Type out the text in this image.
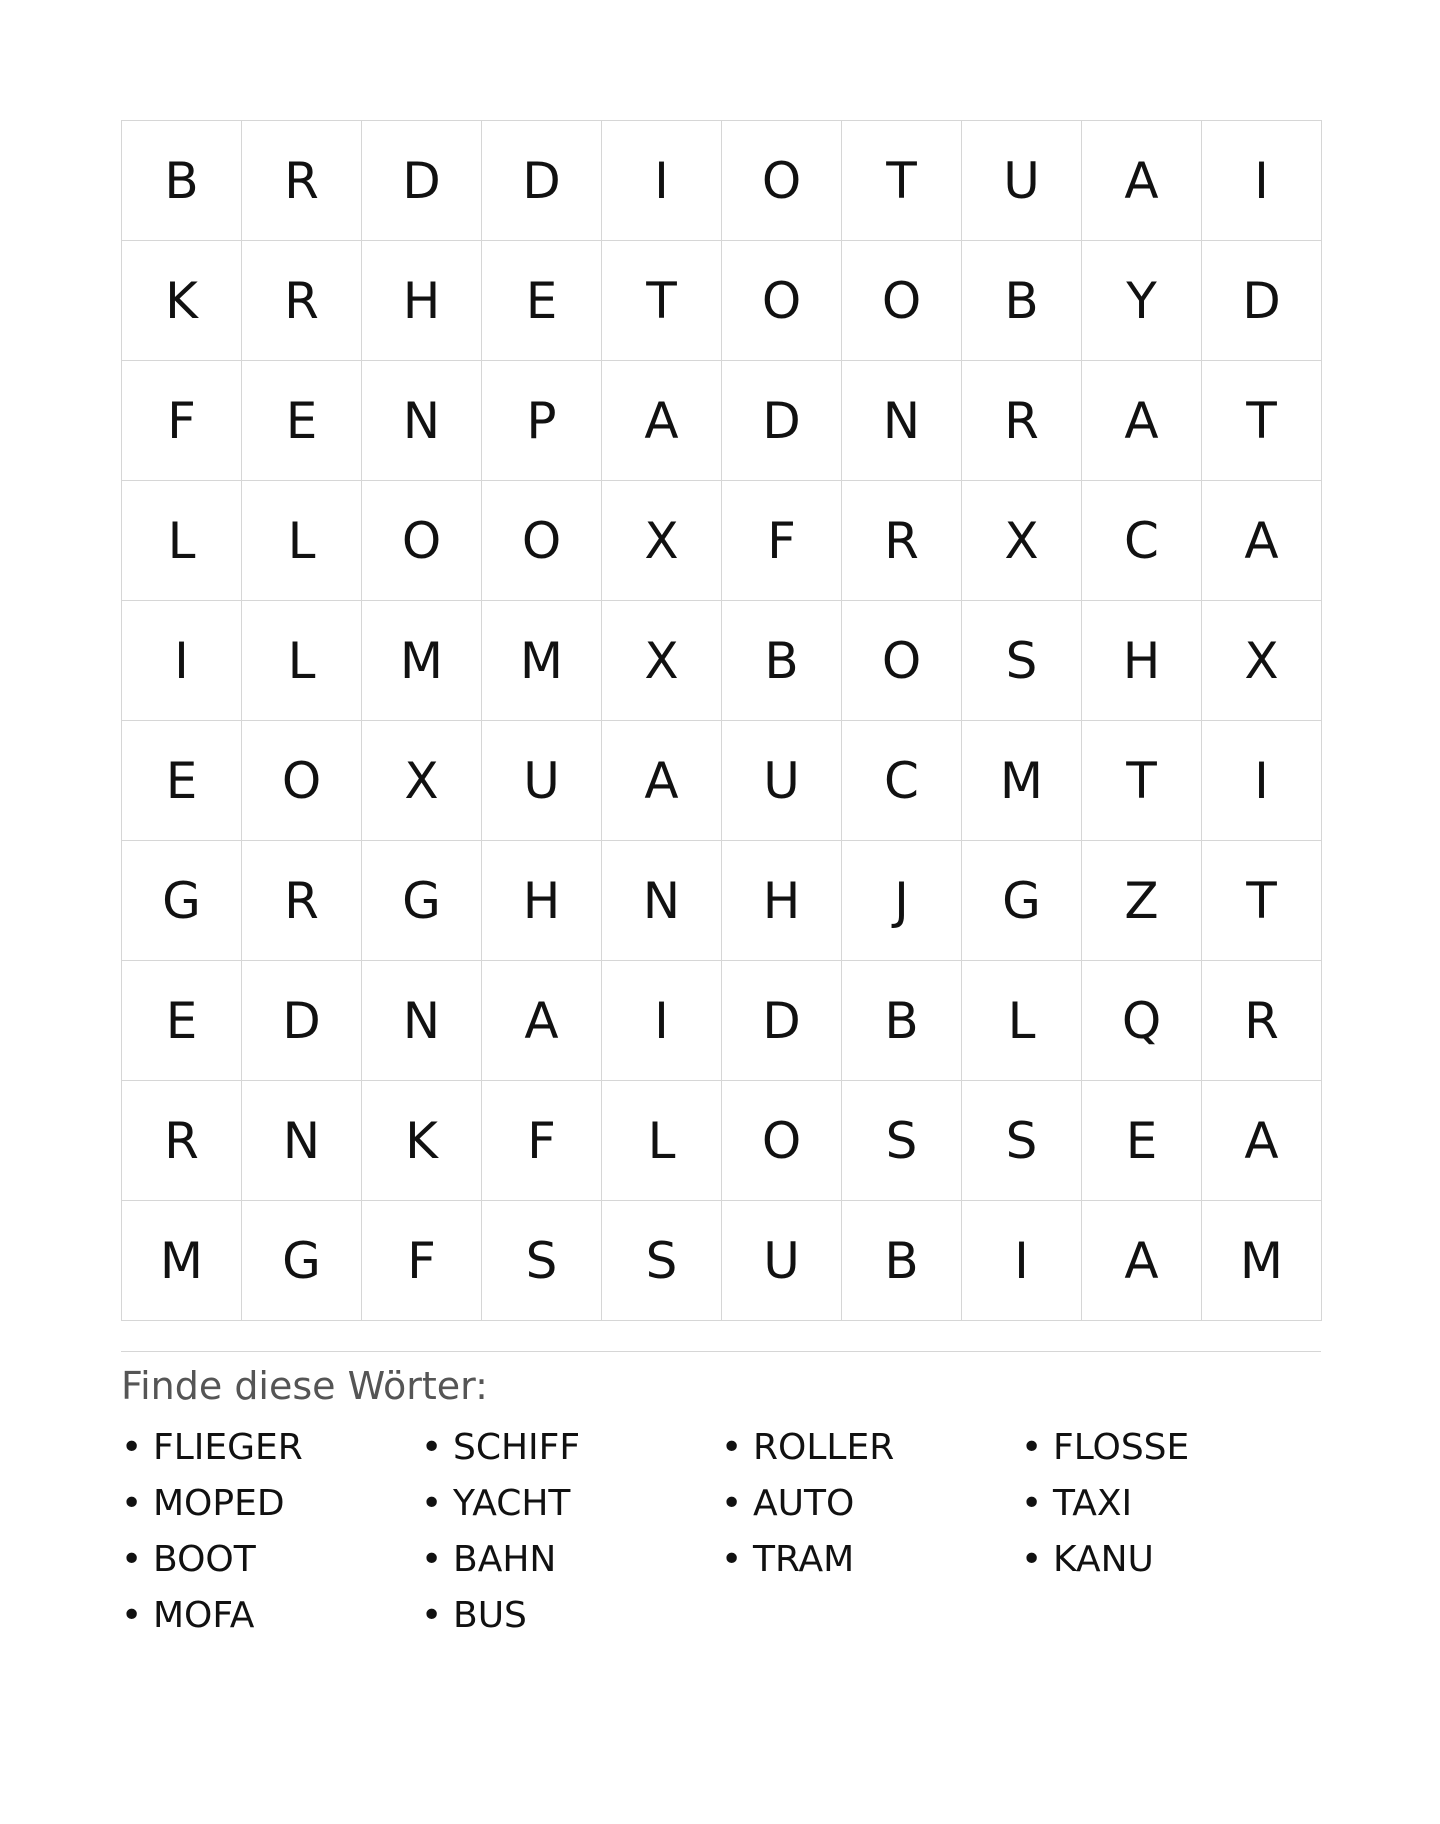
B	R	D	D	I	O	T	U	A	I
K	R	H	E	T	O	O	B	Y	D
F	E	N	P	A	D	N	R	A	T
L	L	O	O	X	F	R	X	C	A
I	L	M	M	X	B	O	S	H	X
E	O	X	U	A	U	C	M	T	I
G	R	G	H	N	H	J	G	Z	T
E	D	N	A	I	D	B	L	Q	R
R	N	K	F	L	O	S	S	E	A
M	G	F	S	S	U	B	I	A	M
Finde diese Wörter:
• FLIEGER	• SCHIFF	• ROLLER	• FLOSSE
• MOPED	• YACHT	• AUTO	• TAXI
• BOOT	• BAHN	• TRAM	• KANU
• MOFA	• BUS
